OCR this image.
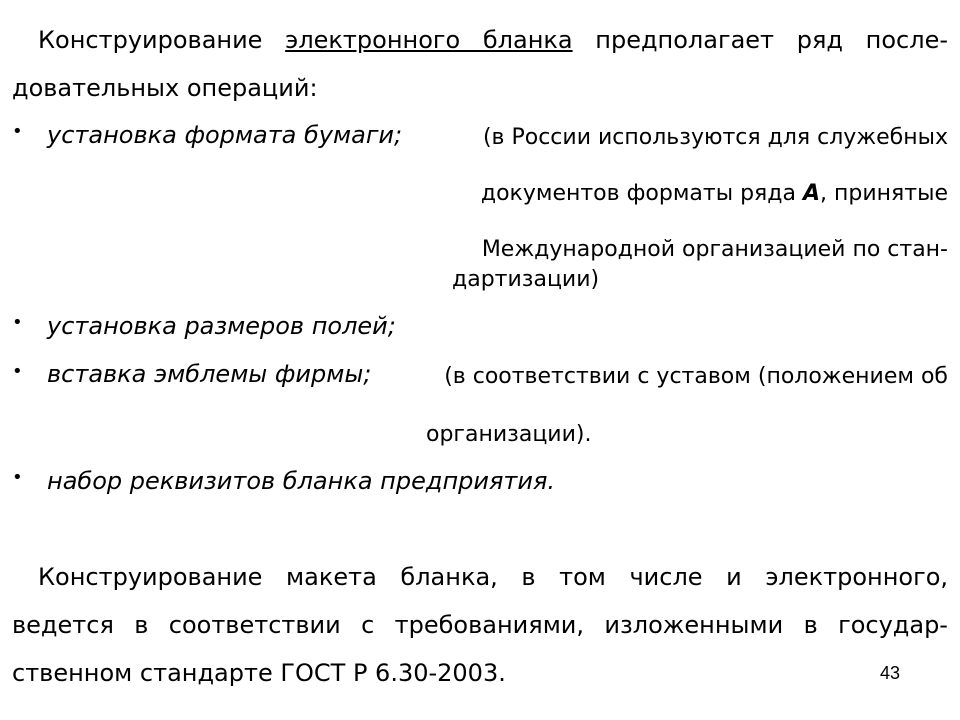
Конструирование электронного бланка предполагает ряд после-
довательных операций:
• установка формата бумаги;	(в России используются для служебных
документов форматы ряда А, принятые
Международной организацией по стан-
дартизации)
• установка размеров полей;
• вставка эмблемы фирмы;	(в соответствии с уставом (положением об
организации).
• набор реквизитов бланка предприятия.
Конструирование макета бланка, в том числе и электронного,
ведется в соответствии с требованиями, изложенными в государ-
ственном стандарте ГОСТ Р 6.30-2003.	43
